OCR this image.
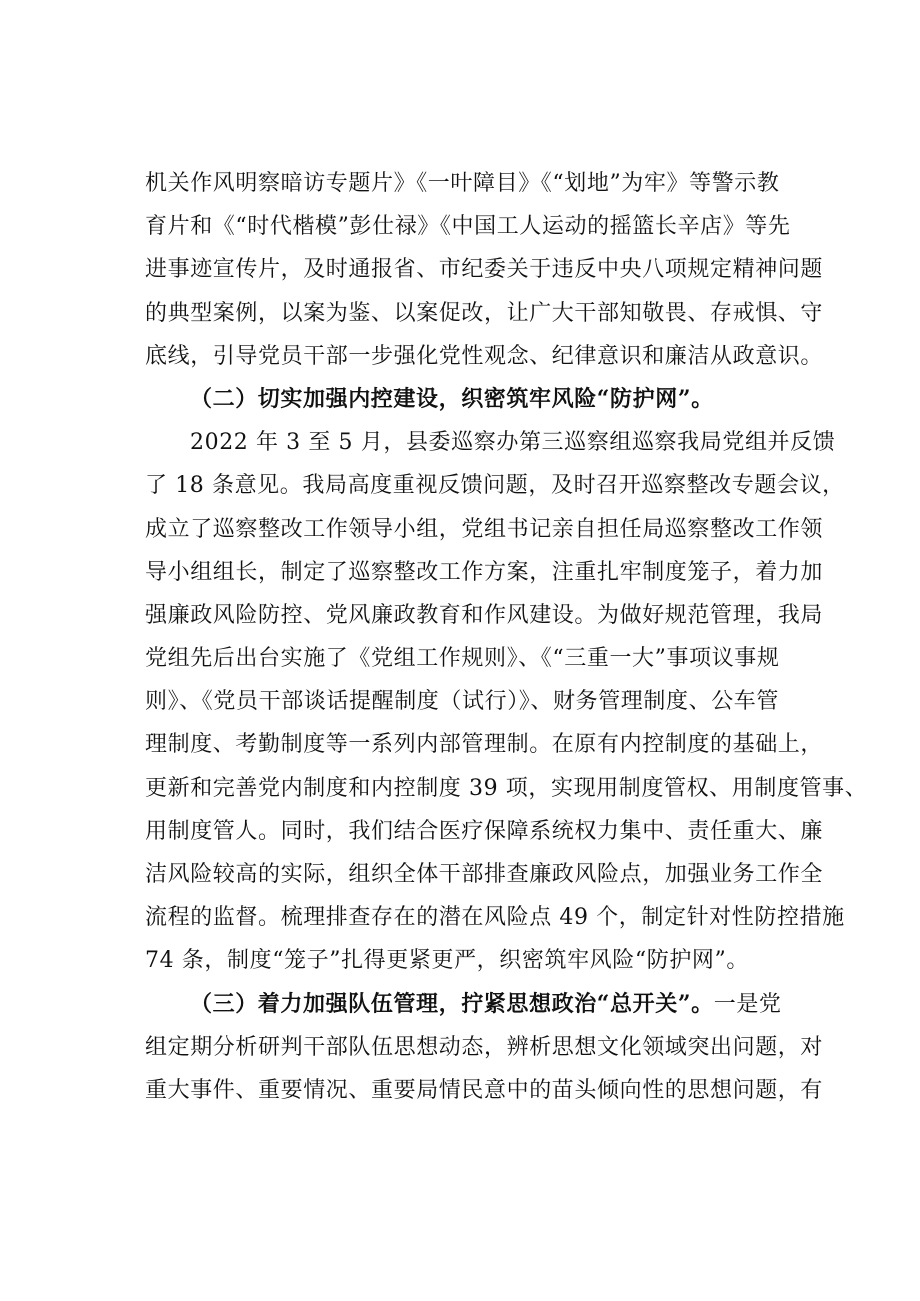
机关作风明察暗访专题片》《一叶障目》《“划地”为牢》等警示教
育片和《“时代楷模”彭仕禄》《中国工人运动的摇篮长辛店》等先
进事迹宣传片，及时通报省、市纪委关于违反中央八项规定精神问题
的典型案例，以案为鉴、以案促改，让广大干部知敬畏、存戒惧、守
底线，引导党员干部一步强化党性观念、纪律意识和廉洁从政意识。
（二）切实加强内控建设，织密筑牢风险“防护网”。
2022 年 3 至 5 月，县委巡察办第三巡察组巡察我局党组并反馈
了 18 条意见。我局高度重视反馈问题，及时召开巡察整改专题会议，
成立了巡察整改工作领导小组，党组书记亲自担任局巡察整改工作领
导小组组长，制定了巡察整改工作方案，注重扎牢制度笼子，着力加
强廉政风险防控、党风廉政教育和作风建设。为做好规范管理，我局
党组先后出台实施了《党组工作规则》、《“三重一大”事项议事规
则》、《党员干部谈话提醒制度（试行）》、财务管理制度、公车管
理制度、考勤制度等一系列内部管理制。在原有内控制度的基础上，
更新和完善党内制度和内控制度 39 项，实现用制度管权、用制度管事、
用制度管人。同时，我们结合医疗保障系统权力集中、责任重大、廉
洁风险较高的实际，组织全体干部排查廉政风险点，加强业务工作全
流程的监督。梳理排查存在的潜在风险点 49 个，制定针对性防控措施
74 条，制度“笼子”扎得更紧更严，织密筑牢风险“防护网”。
（三）着力加强队伍管理，拧紧思想政治“总开关”。一是党
组定期分析研判干部队伍思想动态，辨析思想文化领域突出问题，对
重大事件、重要情况、重要局情民意中的苗头倾向性的思想问题，有
